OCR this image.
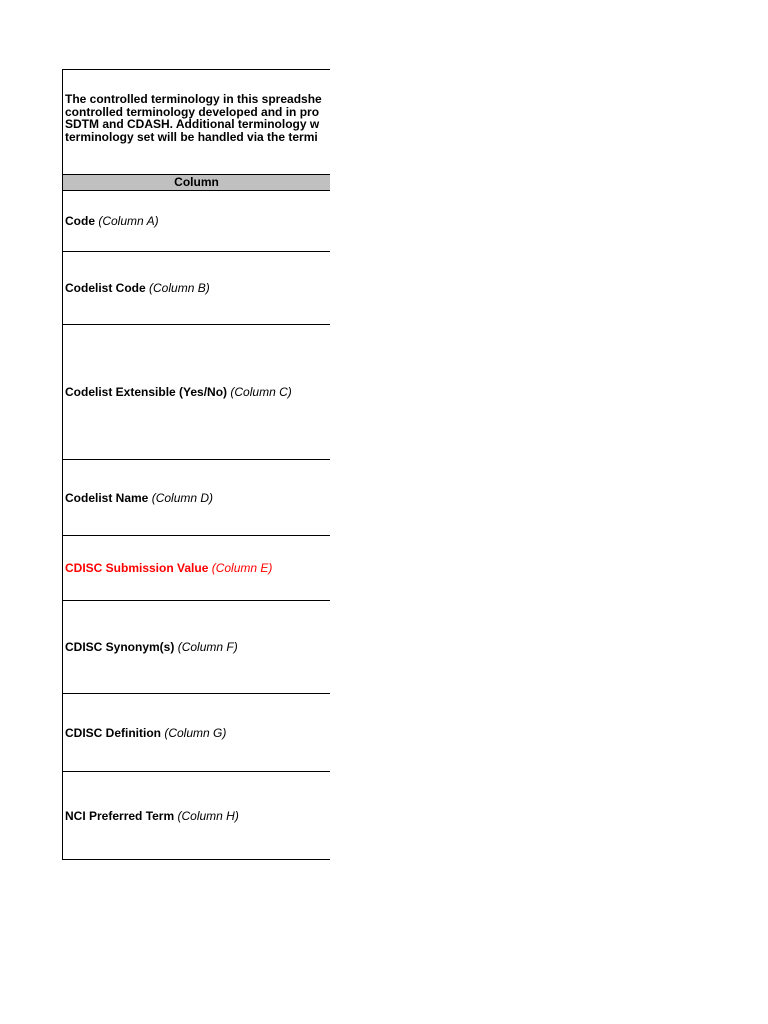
The controlled terminology in this spreadshe
controlled terminology developed and in pro
SDTM and CDASH. Additional terminology w
terminology set will be handled via the termi
Column
Code
(Column A)
Codelist Code
(Column B)
Codelist Extensible (Yes/No)
(Column C)
Codelist Name
(Column D)
CDISC Submission Value
(Column E)
CDISC Synonym(s)
(Column F)
CDISC Definition
(Column G)
NCI Preferred Term
(Column H)
